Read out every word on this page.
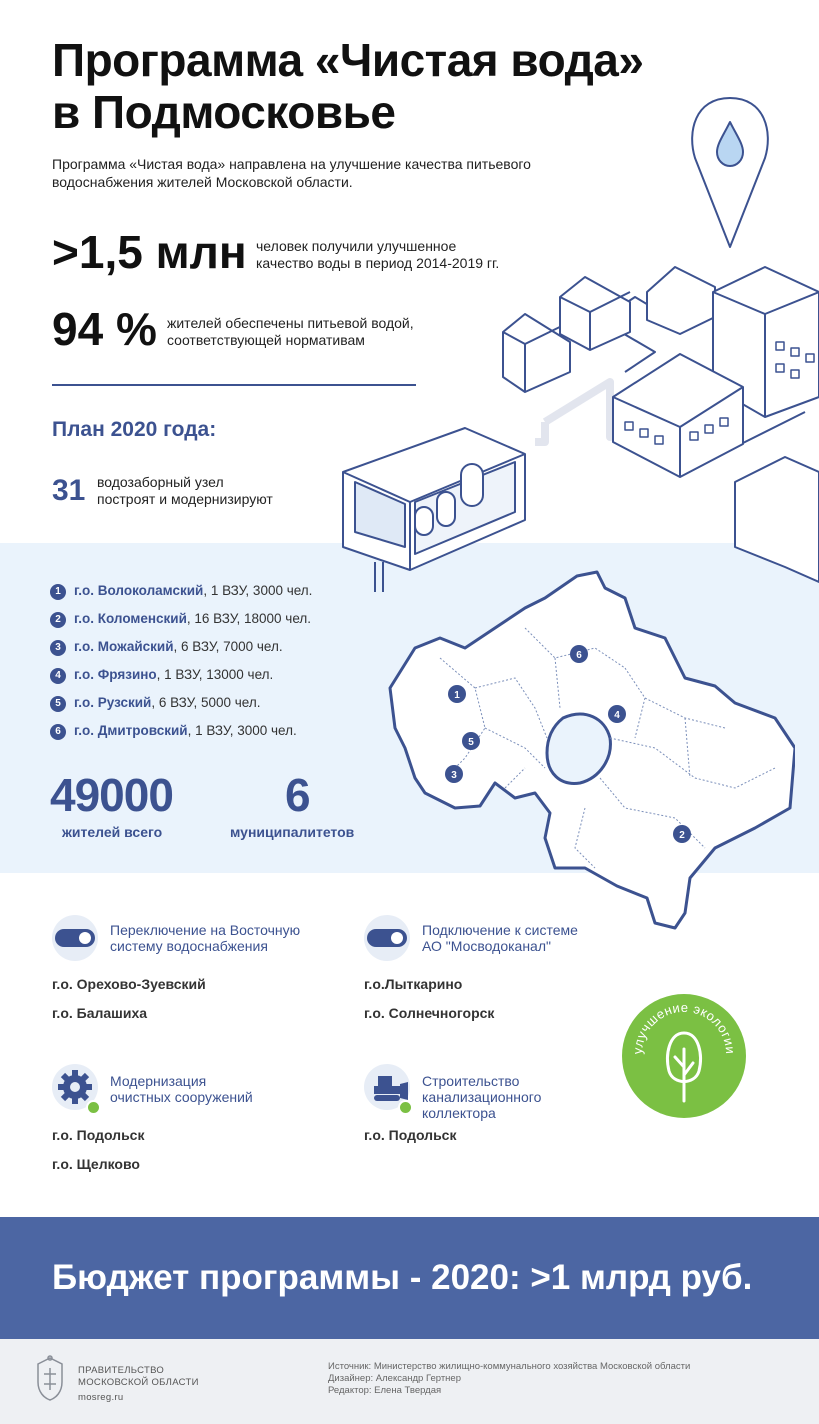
Программа «Чистая вода»
в Подмосковье
Программа «Чистая вода» направлена на улучшение качества питьевого водоснабжения жителей Московской области.
>1,5 млн человек получили улучшенное
качество воды в период 2014-2019 гг.
94 % жителей обеспечены питьевой водой,
соответствующей нормативам
План 2020 года:
31 водозаборный узел
построят и модернизируют
1 г.о. Волоколамский, 1 ВЗУ, 3000 чел.
2 г.о. Коломенский, 16 ВЗУ, 18000 чел.
3 г.о. Можайский, 6 ВЗУ, 7000 чел.
4 г.о. Фрязино, 1 ВЗУ, 13000 чел.
5 г.о. Рузский, 6 ВЗУ, 5000 чел.
6 г.о. Дмитровский, 1 ВЗУ, 3000 чел.
49000
жителей всего
6
муниципалитетов
1
2
3
4
5
6
Переключение на Восточную
систему водоснабжения
г.о. Орехово-Зуевский
г.о. Балашиха
Подключение к системе
АО "Мосводоканал"
г.о.Лыткарино
г.о. Солнечногорск
Модернизация
очистных сооружений
г.о. Подольск
г.о. Щелково
Строительство
канализационного
коллектора
г.о. Подольск
улучшение экологии
Бюджет программы - 2020: >1 млрд руб.
ПРАВИТЕЛЬСТВО
МОСКОВСКОЙ ОБЛАСТИ
mosreg.ru
Источник: Министерство жилищно-коммунального хозяйства Московской области
Дизайнер: Александр Гертнер
Редактор: Елена Твердая
